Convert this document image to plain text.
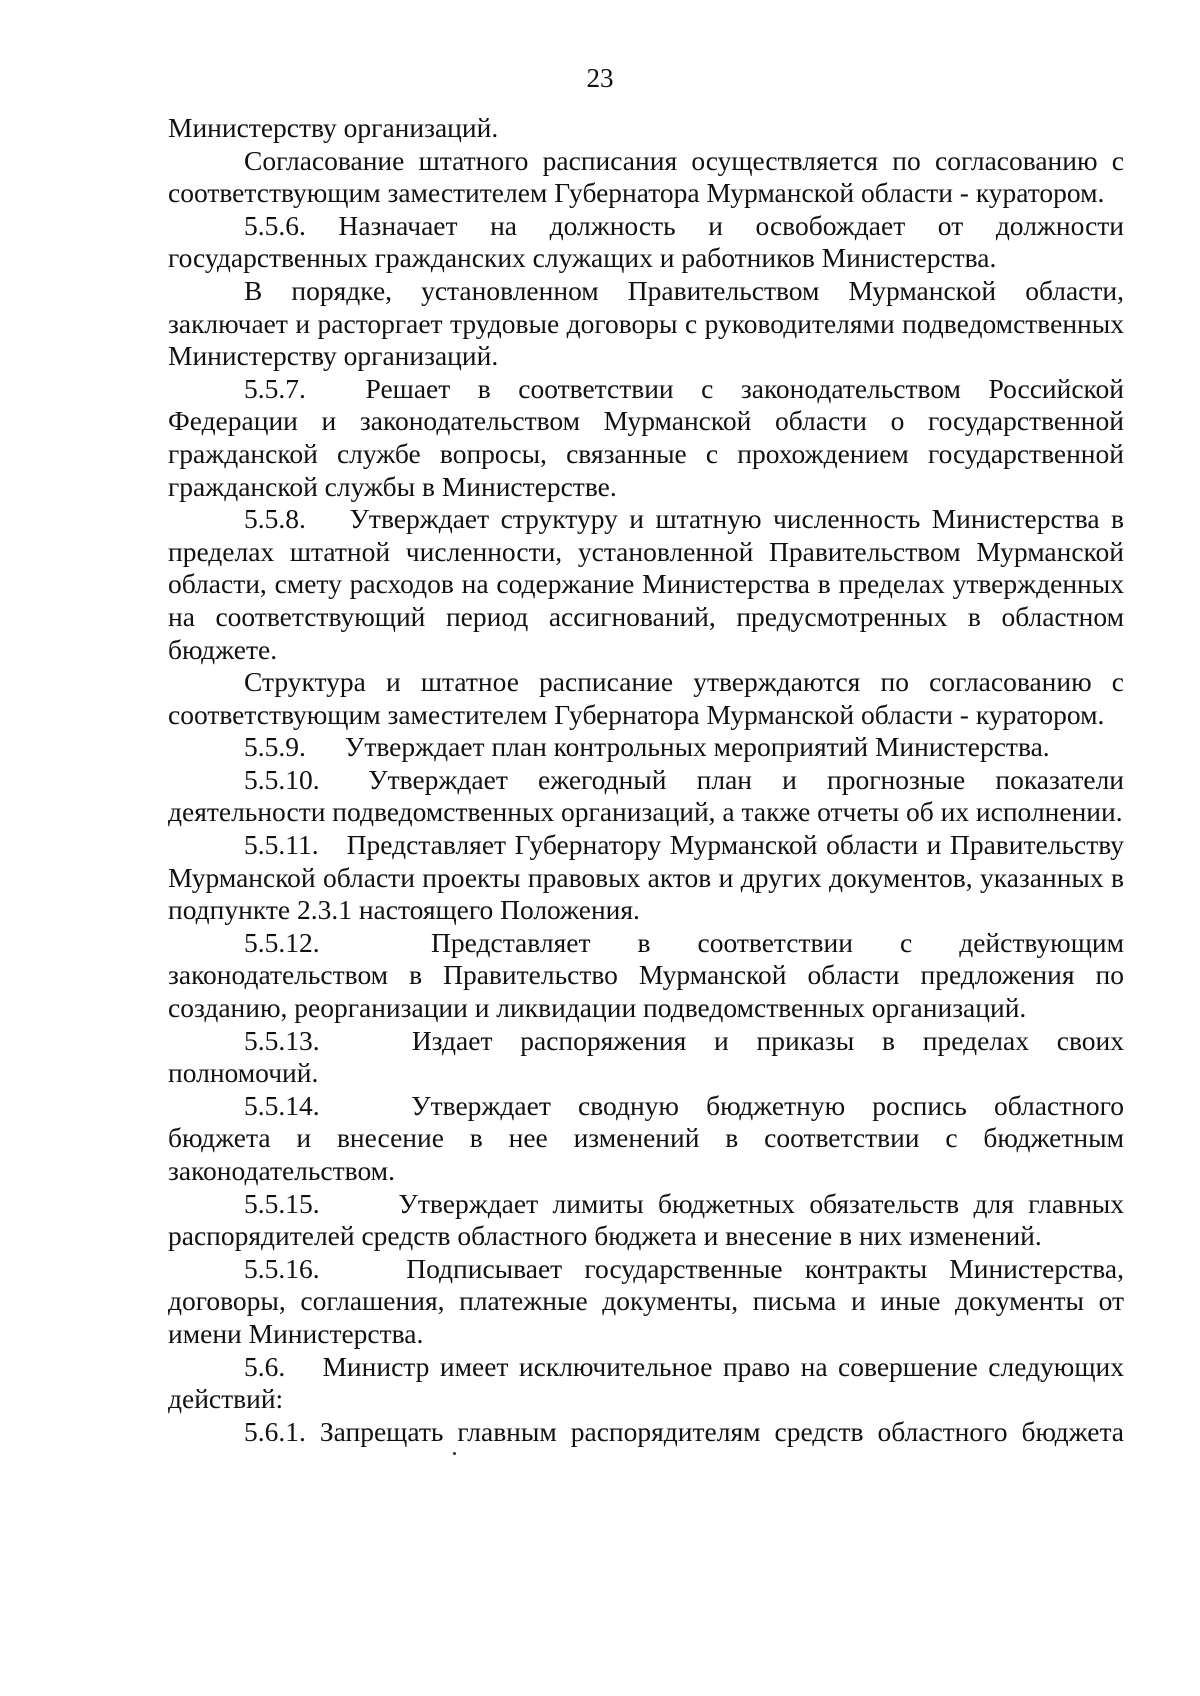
23

Министерству организаций.

Согласование штатного расписания осуществляется по согласованию с соответствующим заместителем Губернатора Мурманской области - куратором.

5.5.6. Назначает на должность и освобождает от должности государственных гражданских служащих и работников Министерства.

В порядке, установленном Правительством Мурманской области, заключает и расторгает трудовые договоры с руководителями подведомственных Министерству организаций.

5.5.7. Решает в соответствии с законодательством Российской Федерации и законодательством Мурманской области о государственной гражданской службе вопросы, связанные с прохождением государственной гражданской службы в Министерстве.

5.5.8. Утверждает структуру и штатную численность Министерства в пределах штатной численности, установленной Правительством Мурманской области, смету расходов на содержание Министерства в пределах утвержденных на соответствующий период ассигнований, предусмотренных в областном бюджете.

Структура и штатное расписание утверждаются по согласованию с соответствующим заместителем Губернатора Мурманской области - куратором.

5.5.9. Утверждает план контрольных мероприятий Министерства.

5.5.10. Утверждает ежегодный план и прогнозные показатели деятельности подведомственных организаций, а также отчеты об их исполнении.

5.5.11. Представляет Губернатору Мурманской области и Правительству Мурманской области проекты правовых актов и других документов, указанных в подпункте 2.3.1 настоящего Положения.

5.5.12.	Представляет в соответствии с действующим законодательством в Правительство Мурманской области предложения по созданию, реорганизации и ликвидации подведомственных организаций.

5.5.13.	Издает распоряжения и приказы в пределах своих полномочий.

5.5.14.	Утверждает сводную бюджетную роспись областного бюджета и внесение в нее изменений в соответствии с бюджетным законодательством.

5.5.15.	Утверждает лимиты бюджетных обязательств для главных распорядителей средств областного бюджета и внесение в них изменений.

5.5.16.	Подписывает государственные контракты Министерства, договоры, соглашения, платежные документы, письма и иные документы от имени Министерства.

5.6. Министр имеет исключительное право на совершение следующих действий:

5.6.1. Запрещать главным распорядителям средств областного бюджета
